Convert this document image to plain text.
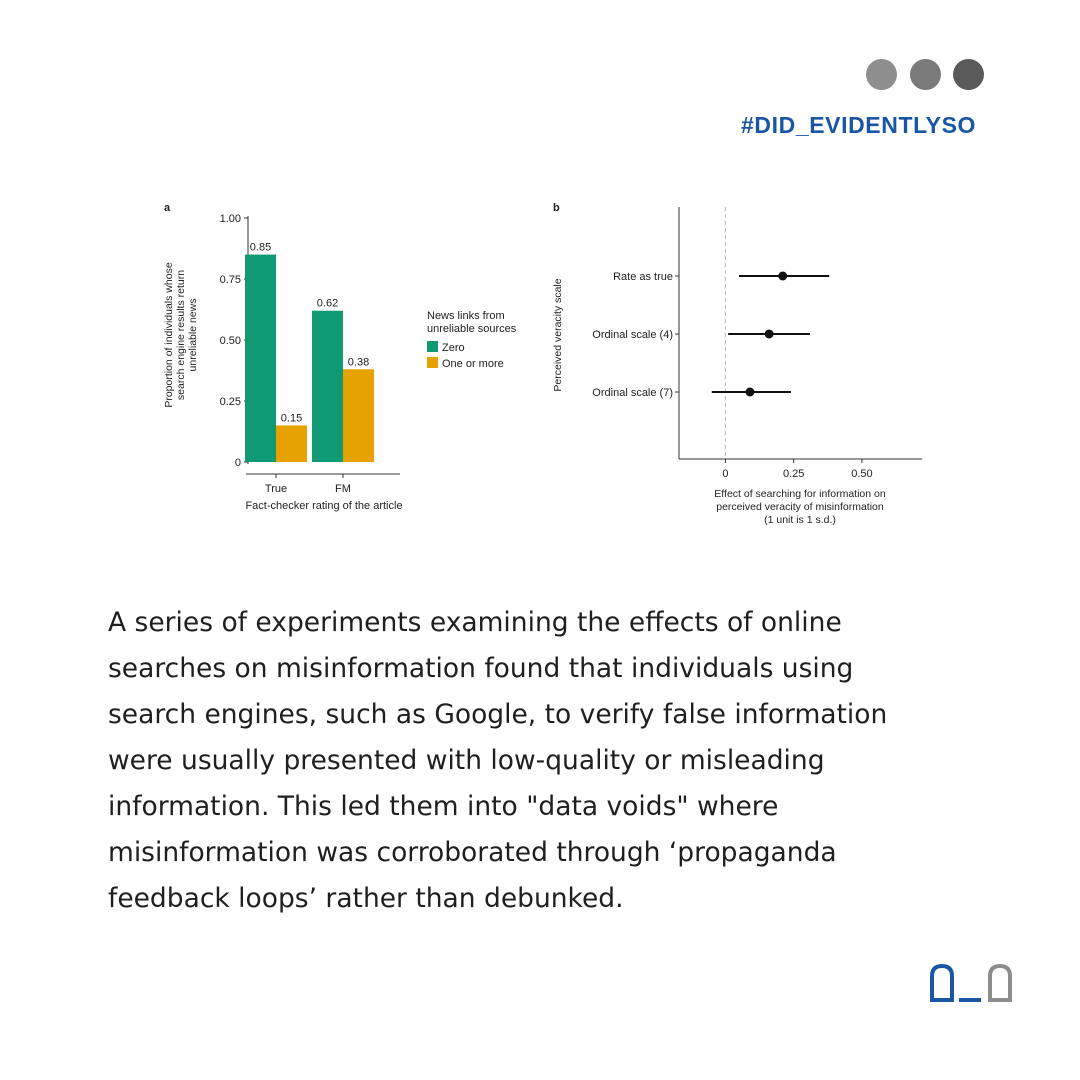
#DID_EVIDENTLYSO
a
0
0.25
0.50
0.75
1.00
Proportion of individuals whose search engine results return unreliable news
0.85
0.15
True
0.62
0.38
FM
Fact-checker rating of the article
News links from
unreliable sources
Zero
One or more
b
0	0.25	0.50
Effect of searching for information on
perceived veracity of misinformation
(1 unit is 1 s.d.)
Perceived veracity scale
Rate as true
Ordinal scale (4)
Ordinal scale (7)

A series of experiments examining the effects of online
searches on misinformation found that individuals using
search engines, such as Google, to verify false information
were usually presented with low-quality or misleading
information. This led them into "data voids" where
misinformation was corroborated through ‘propaganda
feedback loops’ rather than debunked.
